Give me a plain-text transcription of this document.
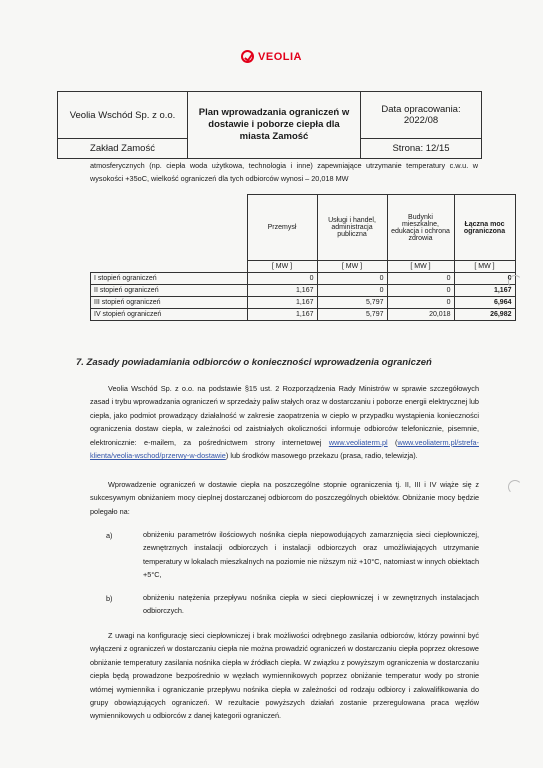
VEOLIA
Veolia Wschód Sp. z o.o.	Plan wprowadzania ograniczeń w dostawie i poborze ciepła dla miasta Zamość	Data opracowania:
2022/08

Zakład Zamość		Strona: 12/15
atmosferycznych (np. ciepła woda użytkowa, technologia i inne) zapewniające utrzymanie temperatury c.w.u. w wysokości +35oC, wielkość ograniczeń dla tych odbiorców wynosi – 20,018 MW
	Przemysł	Usługi i handel, administracja publiczna	Budynki mieszkalne, edukacja i ochrona zdrowia	Łączna moc ograniczona
	[ MW ]	[ MW ]	[ MW ]	[ MW ]
I stopień ograniczeń	0	0	0	0
II stopień ograniczeń	1,167	0	0	1,167
III stopień ograniczeń	1,167	5,797	0	6,964
IV stopień ograniczeń	1,167	5,797	20,018	26,982
7. Zasady powiadamiania odbiorców o konieczności wprowadzenia ograniczeń
Veolia Wschód Sp. z o.o. na podstawie §15 ust. 2 Rozporządzenia Rady Ministrów w sprawie szczegółowych zasad i trybu wprowadzania ograniczeń w sprzedaży paliw stałych oraz w dostarczaniu i poborze energii elektrycznej lub ciepła, jako podmiot prowadzący działalność w zakresie zaopatrzenia w ciepło w przypadku wystąpienia konieczności ograniczenia dostaw ciepła, w zależności od zaistniałych okoliczności informuje odbiorców telefonicznie, pisemnie, elektronicznie: e-mailem, za pośrednictwem strony internetowej www.veoliaterm.pl (www.veoliaterm.pl/strefa-klienta/veolia-wschod/przerwy-w-dostawie) lub środków masowego przekazu (prasa, radio, telewizja).
Wprowadzenie ograniczeń w dostawie ciepła na poszczególne stopnie ograniczenia tj. II, III i IV wiąże się z sukcesywnym obniżaniem mocy cieplnej dostarczanej odbiorcom do poszczególnych obiektów. Obniżanie mocy będzie polegało na:
a)	obniżeniu parametrów ilościowych nośnika ciepła niepowodujących zamarznięcia sieci ciepłowniczej, zewnętrznych instalacji odbiorczych i instalacji odbiorczych oraz umożliwiających utrzymanie temperatury w lokalach mieszkalnych na poziomie nie niższym niż +10°C, natomiast w innych obiektach +5°C,
b)	obniżeniu natężenia przepływu nośnika ciepła w sieci ciepłowniczej i w zewnętrznych instalacjach odbiorczych.
Z uwagi na konfigurację sieci ciepłowniczej i brak możliwości odrębnego zasilania odbiorców, którzy powinni być wyłączeni z ograniczeń w dostarczaniu ciepła nie można prowadzić ograniczeń w dostarczaniu ciepła poprzez okresowe obniżanie temperatury zasilania nośnika ciepła w źródłach ciepła. W związku z powyższym ograniczenia w dostarczaniu ciepła będą prowadzone bezpośrednio w węzłach wymiennikowych poprzez obniżanie temperatur wody po stronie wtórnej wymiennika i ograniczanie przepływu nośnika ciepła w zależności od rodzaju odbiorcy i zakwalifikowania do grupy obowiązujących ograniczeń. W rezultacie powyższych działań zostanie przeregulowana praca węzłów wymiennikowych u odbiorców z danej kategorii ograniczeń.
